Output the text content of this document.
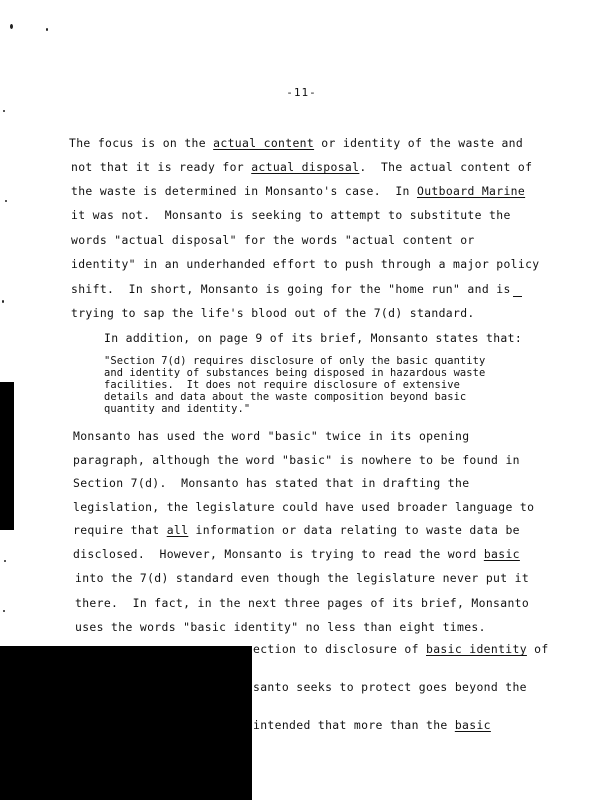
-11-
The focus is on the actual content or identity of the waste and
not that it is ready for actual disposal.  The actual content of
the waste is determined in Monsanto's case.  In Outboard Marine
it was not.  Monsanto is seeking to attempt to substitute the
words "actual disposal" for the words "actual content or
identity" in an underhanded effort to push through a major policy
shift.  In short, Monsanto is going for the "home run" and is
trying to sap the life's blood out of the 7(d) standard.
In addition, on page 9 of its brief, Monsanto states that:
"Section 7(d) requires disclosure of only the basic quantity
and identity of substances being disposed in hazardous waste
facilities.  It does not require disclosure of extensive
details and data about the waste composition beyond basic
quantity and identity."
Monsanto has used the word "basic" twice in its opening
paragraph, although the word "basic" is nowhere to be found in
Section 7(d).  Monsanto has stated that in drafting the
legislation, the legislature could have used broader language to
require that all information or data relating to waste data be
disclosed.  However, Monsanto is trying to read the word basic
into the 7(d) standard even though the legislature never put it
there.  In fact, in the next three pages of its brief, Monsanto
uses the words "basic identity" no less than eight times.
ection to disclosure of basic identity of
santo seeks to protect goes beyond the
intended that more than the basic
